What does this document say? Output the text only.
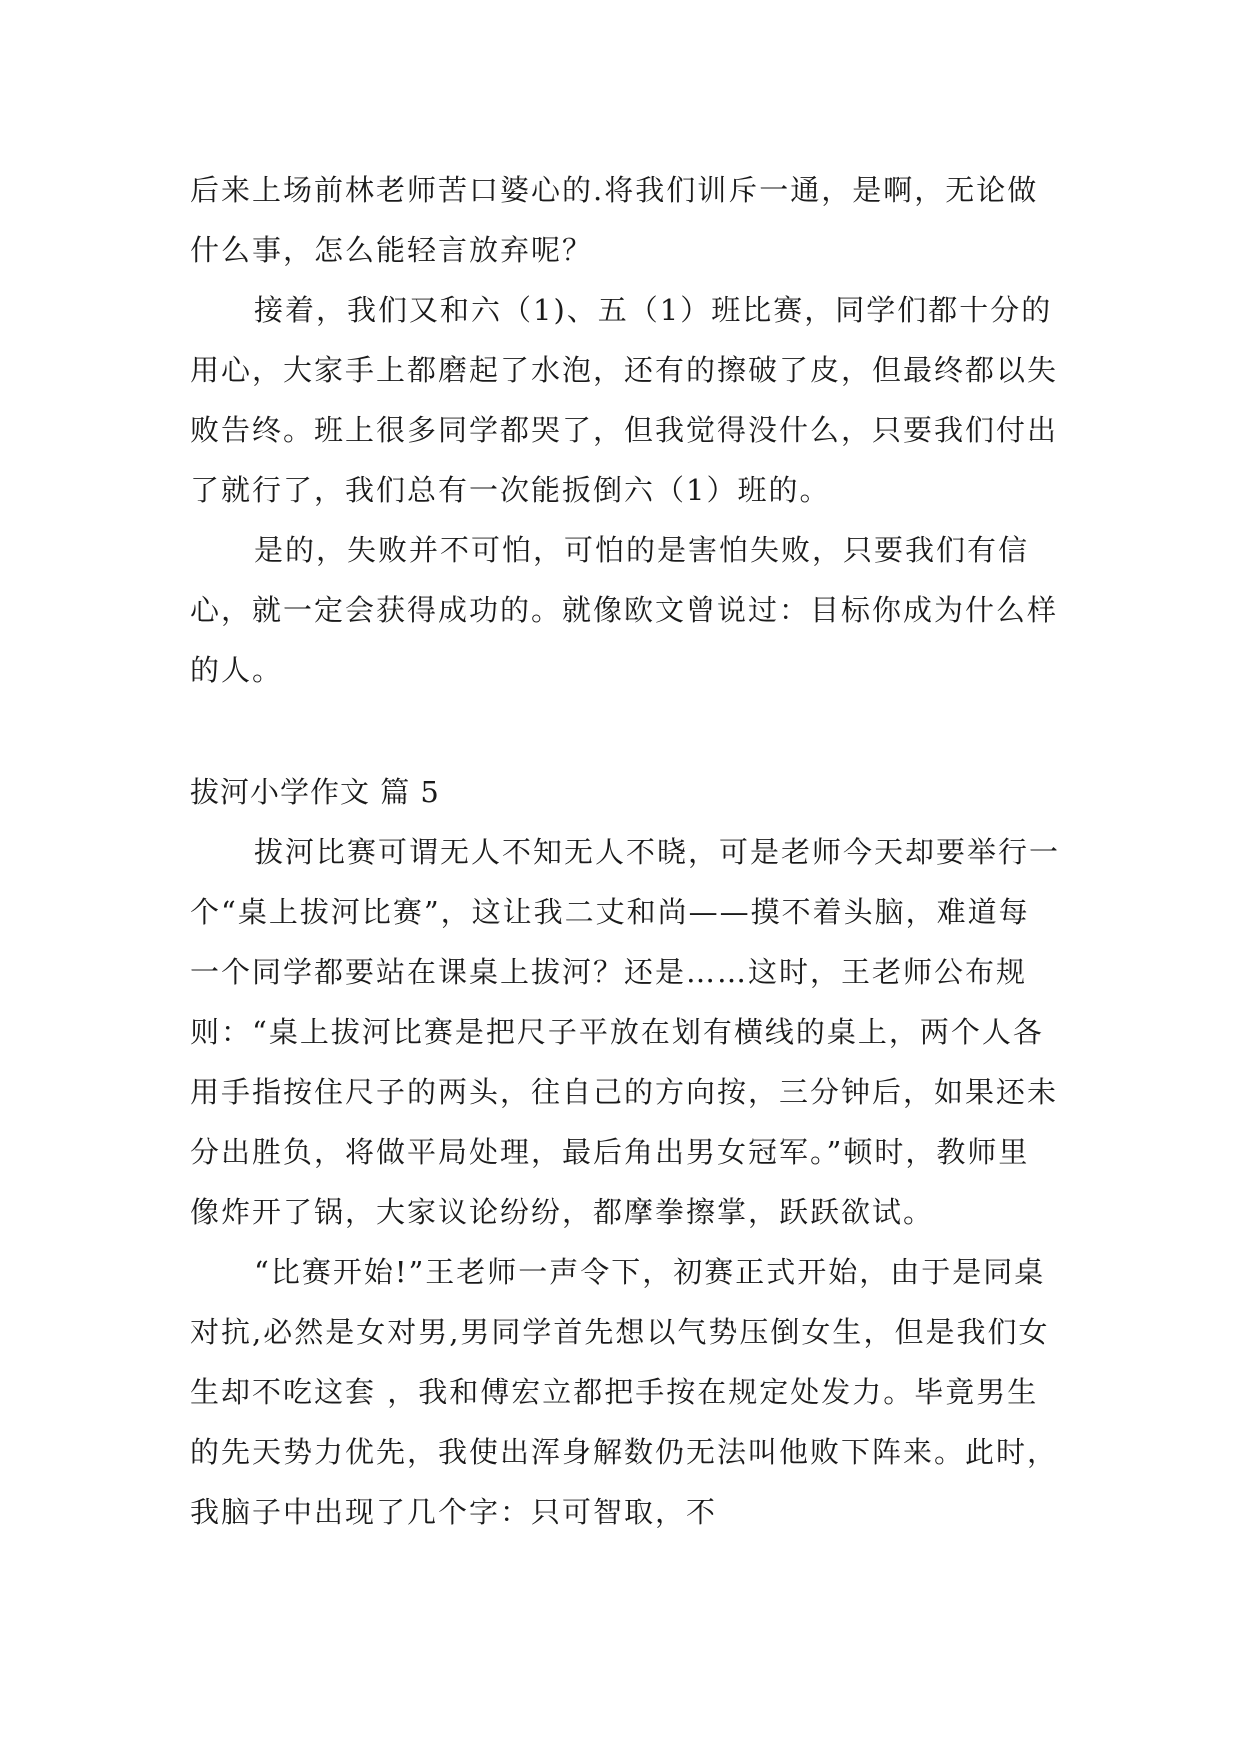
后来上场前林老师苦口婆心的.将我们训斥一通，是啊，无论做什么事，怎么能轻言放弃呢？

接着，我们又和六（1)、五（1）班比赛，同学们都十分的用心，大家手上都磨起了水泡，还有的擦破了皮，但最终都以失败告终。班上很多同学都哭了，但我觉得没什么，只要我们付出了就行了，我们总有一次能扳倒六（1）班的。

是的，失败并不可怕，可怕的是害怕失败，只要我们有信心，就一定会获得成功的。就像欧文曾说过：目标你成为什么样的人。

拔河小学作文 篇 5

拔河比赛可谓无人不知无人不晓，可是老师今天却要举行一个“桌上拔河比赛”，这让我二丈和尚——摸不着头脑，难道每一个同学都要站在课桌上拔河？还是……这时，王老师公布规则：“桌上拔河比赛是把尺子平放在划有横线的桌上，两个人各用手指按住尺子的两头，往自己的方向按，三分钟后，如果还未分出胜负，将做平局处理，最后角出男女冠军。”顿时，教师里像炸开了锅，大家议论纷纷，都摩拳擦掌，跃跃欲试。

“比赛开始!”王老师一声令下，初赛正式开始，由于是同桌对抗,必然是女对男,男同学首先想以气势压倒女生，但是我们女生却不吃这套 ，我和傅宏立都把手按在规定处发力。毕竟男生的先天势力优先，我使出浑身解数仍无法叫他败下阵来。此时，我脑子中出现了几个字：只可智取，不
